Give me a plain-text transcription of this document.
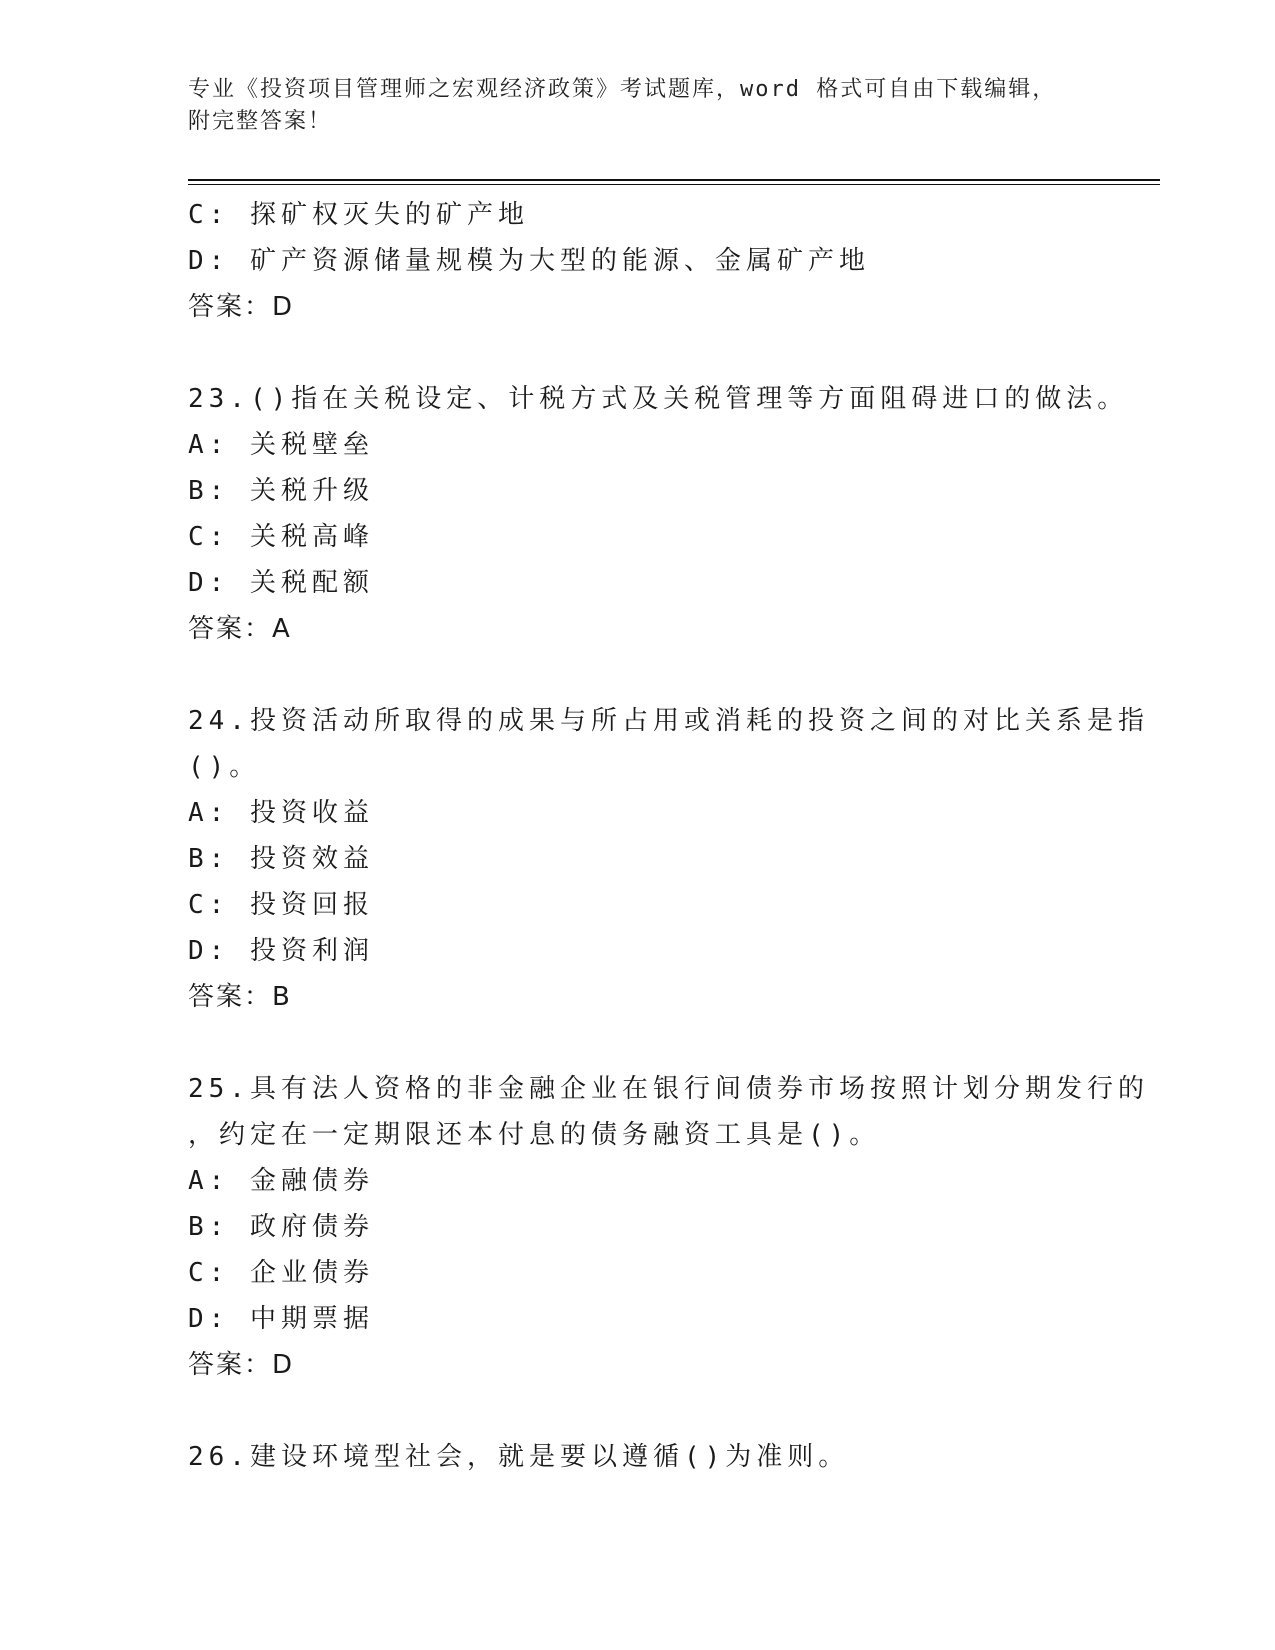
专业《投资项目管理师之宏观经济政策》考试题库，word 格式可自由下载编辑，
附完整答案！
C: 探矿权灭失的矿产地
D: 矿产资源储量规模为大型的能源、金属矿产地
答案：D
23.()指在关税设定、计税方式及关税管理等方面阻碍进口的做法。
A: 关税壁垒
B: 关税升级
C: 关税高峰
D: 关税配额
答案：A
24.投资活动所取得的成果与所占用或消耗的投资之间的对比关系是指
()。
A: 投资收益
B: 投资效益
C: 投资回报
D: 投资利润
答案：B
25.具有法人资格的非金融企业在银行间债券市场按照计划分期发行的
，约定在一定期限还本付息的债务融资工具是()。
A: 金融债券
B: 政府债券
C: 企业债券
D: 中期票据
答案：D
26.建设环境型社会，就是要以遵循()为准则。
